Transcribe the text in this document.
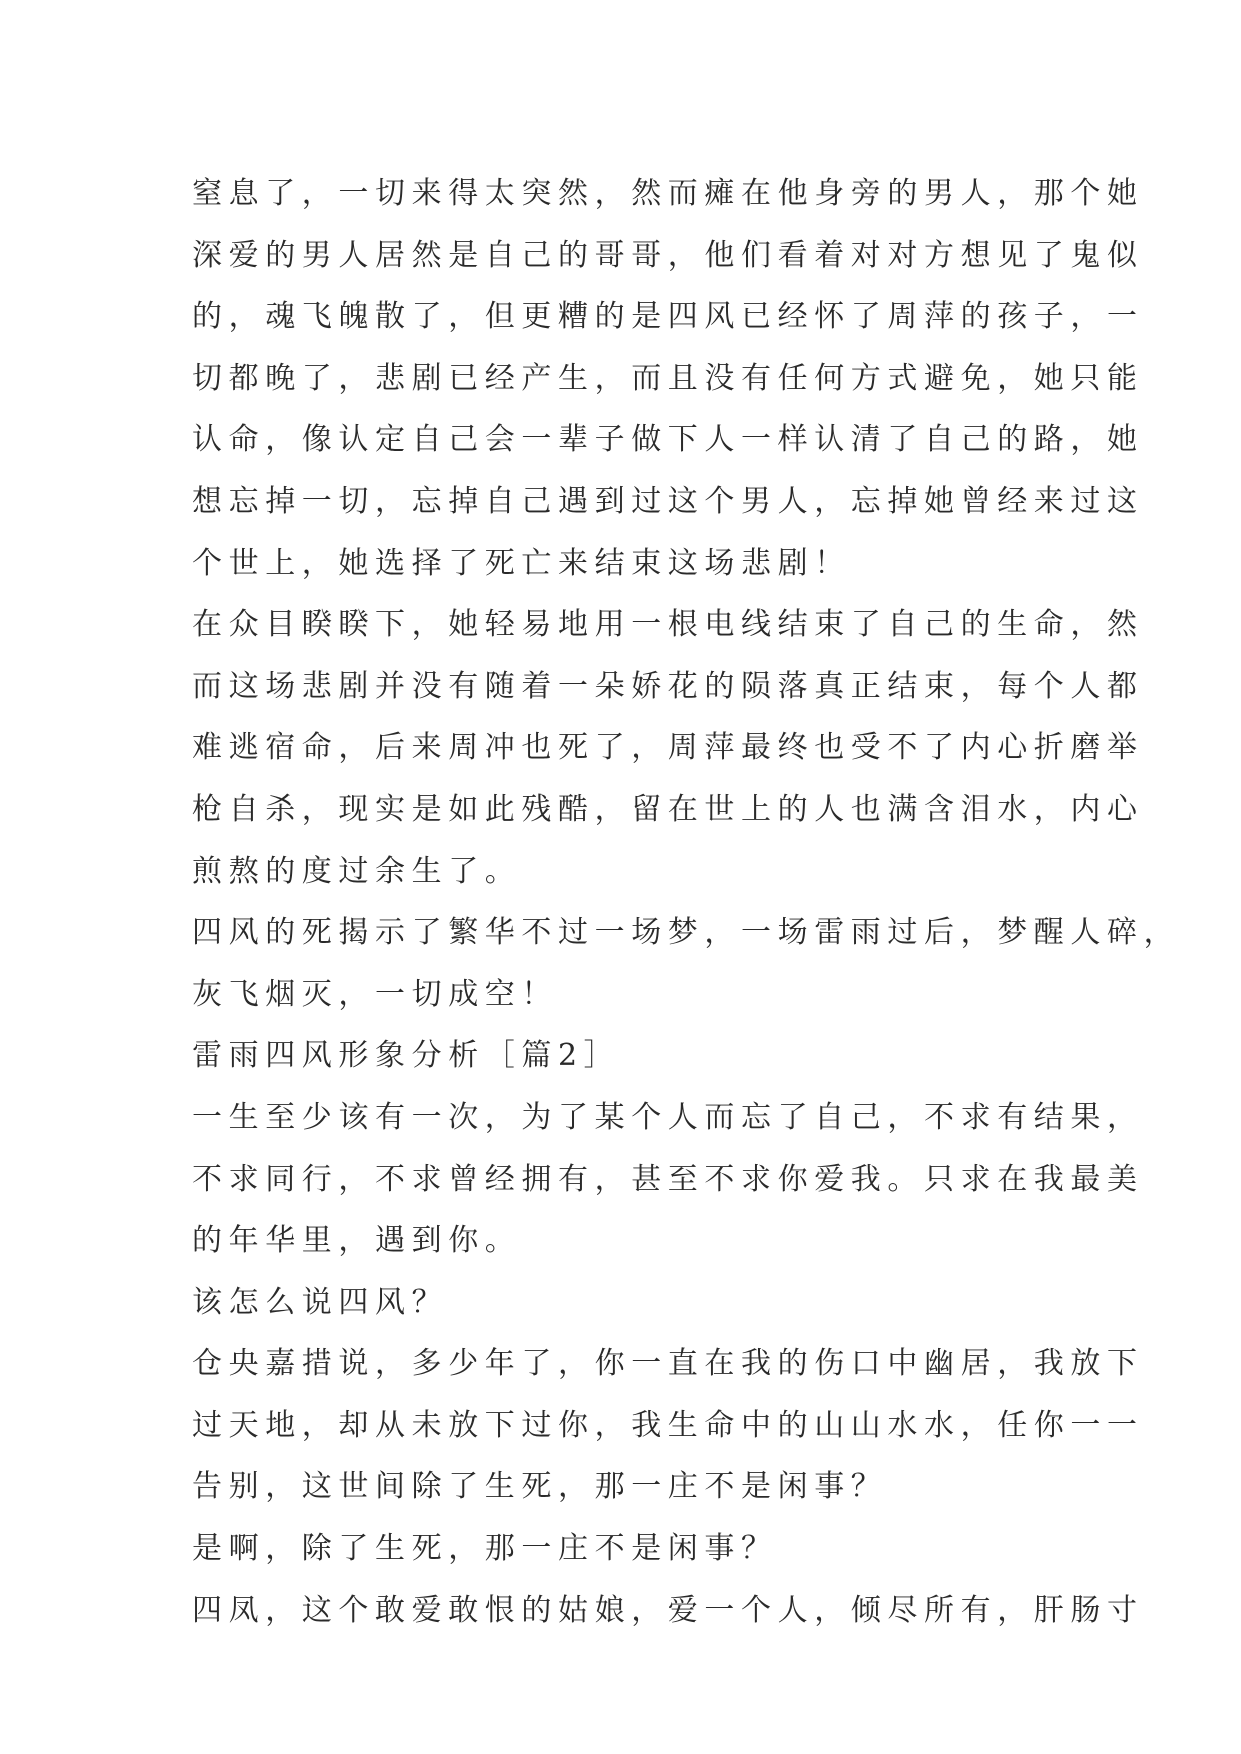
窒息了，一切来得太突然，然而瘫在他身旁的男人，那个她
深爱的男人居然是自己的哥哥，他们看着对对方想见了鬼似
的，魂飞魄散了，但更糟的是四风已经怀了周萍的孩子，一
切都晚了，悲剧已经产生，而且没有任何方式避免，她只能
认命，像认定自己会一辈子做下人一样认清了自己的路，她
想忘掉一切，忘掉自己遇到过这个男人，忘掉她曾经来过这
个世上，她选择了死亡来结束这场悲剧！
在众目睽睽下，她轻易地用一根电线结束了自己的生命，然
而这场悲剧并没有随着一朵娇花的陨落真正结束，每个人都
难逃宿命，后来周冲也死了，周萍最终也受不了内心折磨举
枪自杀，现实是如此残酷，留在世上的人也满含泪水，内心
煎熬的度过余生了。
四风的死揭示了繁华不过一场梦，一场雷雨过后，梦醒人碎，
灰飞烟灭，一切成空！
雷雨四风形象分析［篇2］
一生至少该有一次，为了某个人而忘了自己，不求有结果，
不求同行，不求曾经拥有，甚至不求你爱我。只求在我最美
的年华里，遇到你。
该怎么说四风？
仓央嘉措说，多少年了，你一直在我的伤口中幽居，我放下
过天地，却从未放下过你，我生命中的山山水水，任你一一
告别，这世间除了生死，那一庄不是闲事？
是啊，除了生死，那一庄不是闲事？
四凤，这个敢爱敢恨的姑娘，爱一个人，倾尽所有，肝肠寸
